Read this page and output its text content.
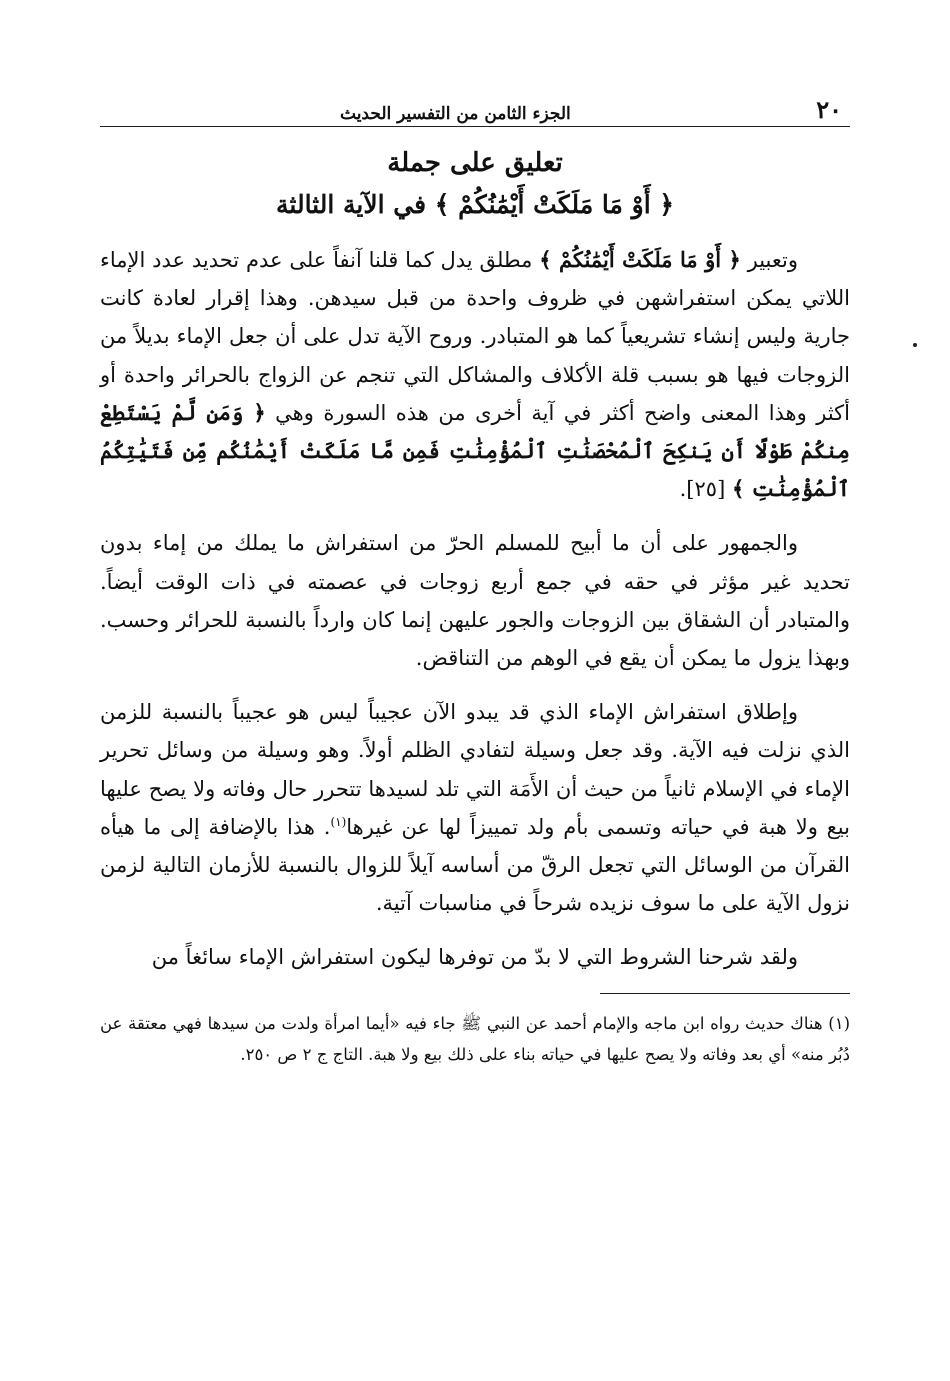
٢٠
الجزء الثامن من التفسير الحديث
تعليق على جملة
﴿ أَوْ مَا مَلَكَتْ أَيْمَٰنُكُمْ ﴾ في الآية الثالثة

وتعبير ﴿ أَوْ مَا مَلَكَتْ أَيْمَٰنُكُمْ ﴾ مطلق يدل كما قلنا آنفاً على عدم تحديد عدد الإماء اللاتي يمكن استفراشهن في ظروف واحدة من قبل سيدهن. وهذا إقرار لعادة كانت جارية وليس إنشاء تشريعياً كما هو المتبادر. وروح الآية تدل على أن جعل الإماء بديلاً من الزوجات فيها هو بسبب قلة الأكلاف والمشاكل التي تنجم عن الزواج بالحرائر واحدة أو أكثر وهذا المعنى واضح أكثر في آية أخرى من هذه السورة وهي ﴿ وَمَن لَّمْ يَسْتَطِعْ مِنكُمْ طَوْلًا أَن يَنكِحَ ٱلْمُحْصَنَٰتِ ٱلْمُؤْمِنَٰتِ فَمِن مَّا مَلَكَتْ أَيْمَٰنُكُم مِّن فَتَيَٰتِكُمُ ٱلْمُؤْمِنَٰتِ ﴾ [٢٥].

والجمهور على أن ما أبيح للمسلم الحرّ من استفراش ما يملك من إماء بدون تحديد غير مؤثر في حقه في جمع أربع زوجات في عصمته في ذات الوقت أيضاً. والمتبادر أن الشقاق بين الزوجات والجور عليهن إنما كان وارداً بالنسبة للحرائر وحسب. وبهذا يزول ما يمكن أن يقع في الوهم من التناقض.

وإطلاق استفراش الإماء الذي قد يبدو الآن عجيباً ليس هو عجيباً بالنسبة للزمن الذي نزلت فيه الآية. وقد جعل وسيلة لتفادي الظلم أولاً. وهو وسيلة من وسائل تحرير الإماء في الإسلام ثانياً من حيث أن الأَمَة التي تلد لسيدها تتحرر حال وفاته ولا يصح عليها بيع ولا هبة في حياته وتسمى بأم ولد تمييزاً لها عن غيرها$^{(١)}$. هذا بالإضافة إلى ما هيأه القرآن من الوسائل التي تجعل الرقّ من أساسه آيلاً للزوال بالنسبة للأزمان التالية لزمن نزول الآية على ما سوف نزيده شرحاً في مناسبات آتية.

ولقد شرحنا الشروط التي لا بدّ من توفرها ليكون استفراش الإماء سائغاً من

(١) هناك حديث رواه ابن ماجه والإمام أحمد عن النبي ﷺ جاء فيه «أيما امرأة ولدت من سيدها فهي معتقة عن دُبُر منه» أي بعد وفاته ولا يصح عليها في حياته بناء على ذلك بيع ولا هبة. التاج ج ٢ ص ٢٥٠.
